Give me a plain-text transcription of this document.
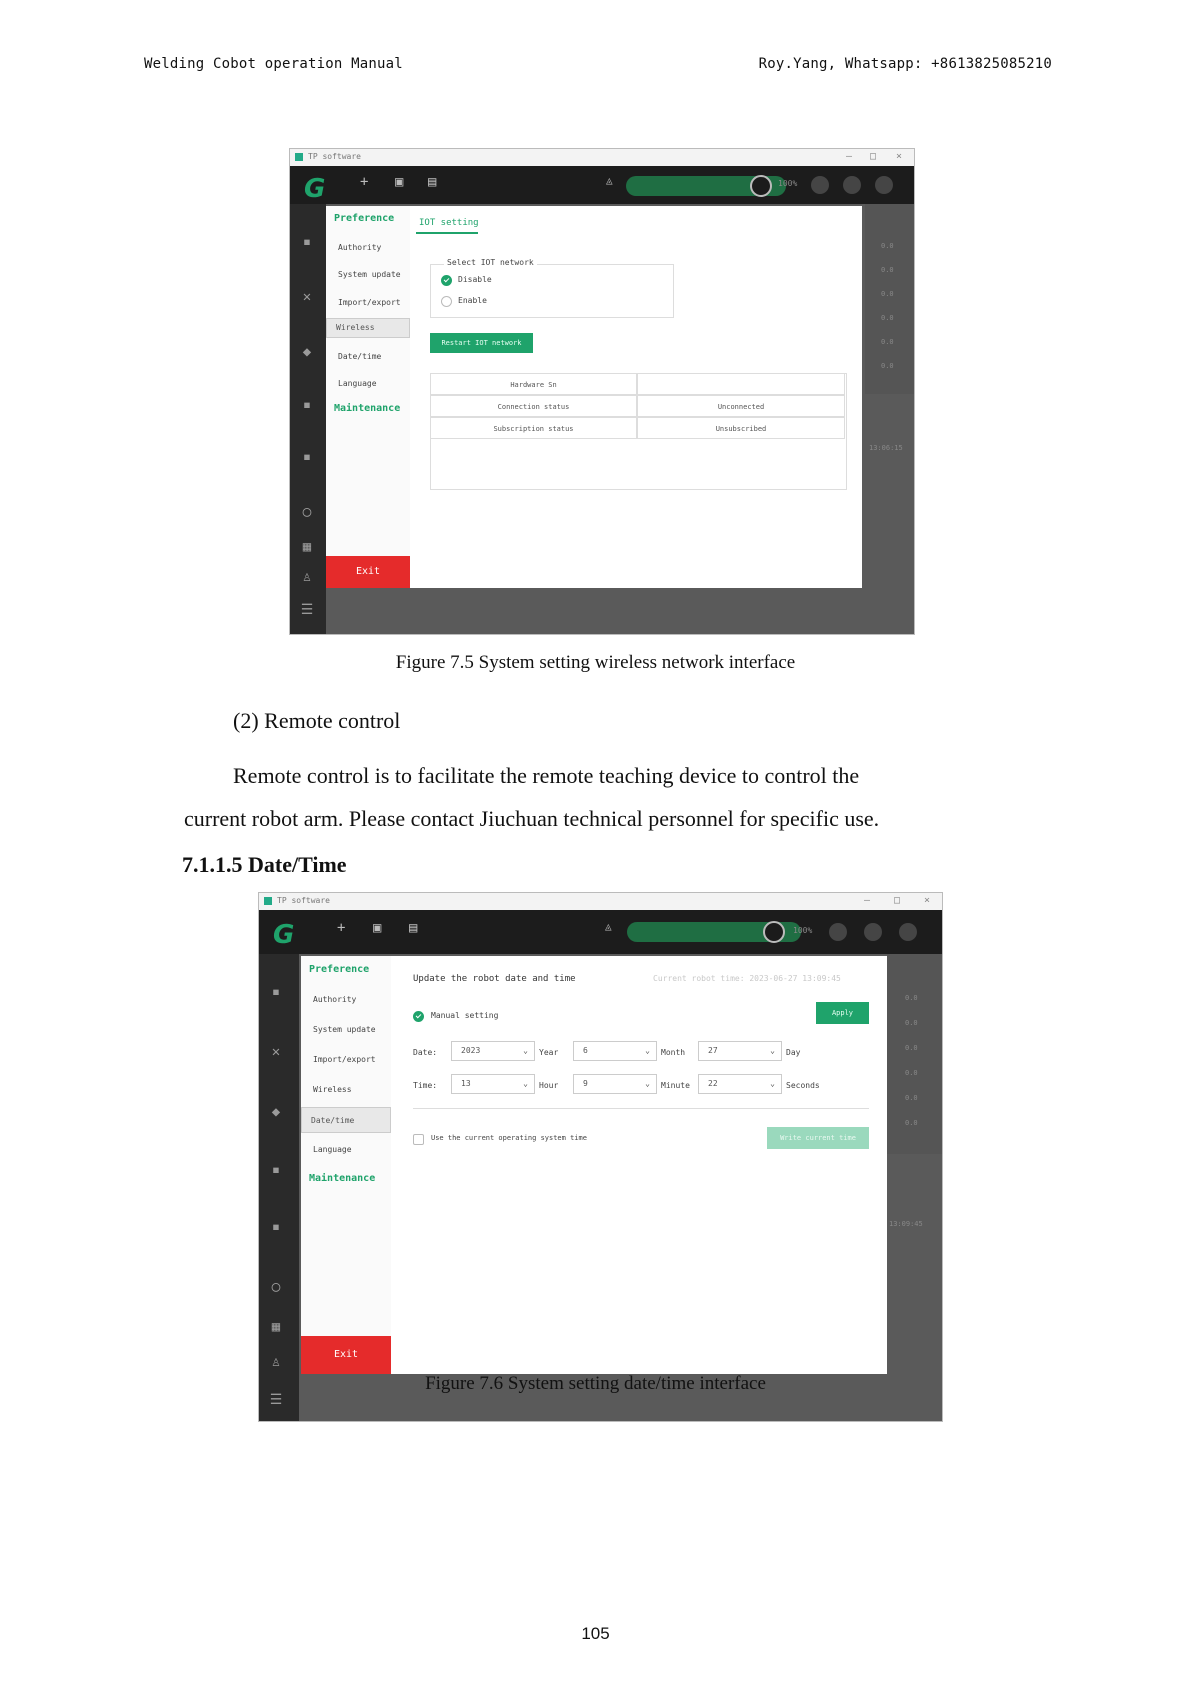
Welding Cobot operation Manual	Roy.Yang, Whatsapp: +8613825085210
TP software	– □ ×
G + ▣ ▤	◬	100%
▪
✕
◆
▪
▪
◯
▦
♙
☰
0.0
0.0
0.0
0.0
0.0
0.0
13:06:15
Preference
Authority
System update
Import/export
Wireless
Date/time
Language
Maintenance
Exit
IOT setting
Select IOT network
Disable
Enable
Restart IOT network
Hardware Sn
Connection status	Unconnected
Subscription status	Unsubscribed
Figure 7.5 System setting wireless network interface
(2) Remote control
Remote control is to facilitate the remote teaching device to control the
current robot arm. Please contact Jiuchuan technical personnel for specific use.
7.1.1.5 Date/Time
TP software	– □ ×
G	+ ▣ ▤	◬	100%
▪
✕
◆
▪
▪
◯
▦
♙
☰
0.0
0.0
0.0
0.0
0.0
0.0
13:09:45
Preference
Authority
System update
Import/export
Wireless
Date/time
Language
Maintenance
Exit
Update the robot date and time	Current robot time: 2023-06-27 13:09:45
Manual setting	Apply
Date:	2023	⌄ Year	6	⌄ Month	27	⌄ Day
Time:	13	⌄ Hour	9	⌄ Minute	22	⌄ Seconds
Use the current operating system time	Write current time
Figure 7.6 System setting date/time interface
105
